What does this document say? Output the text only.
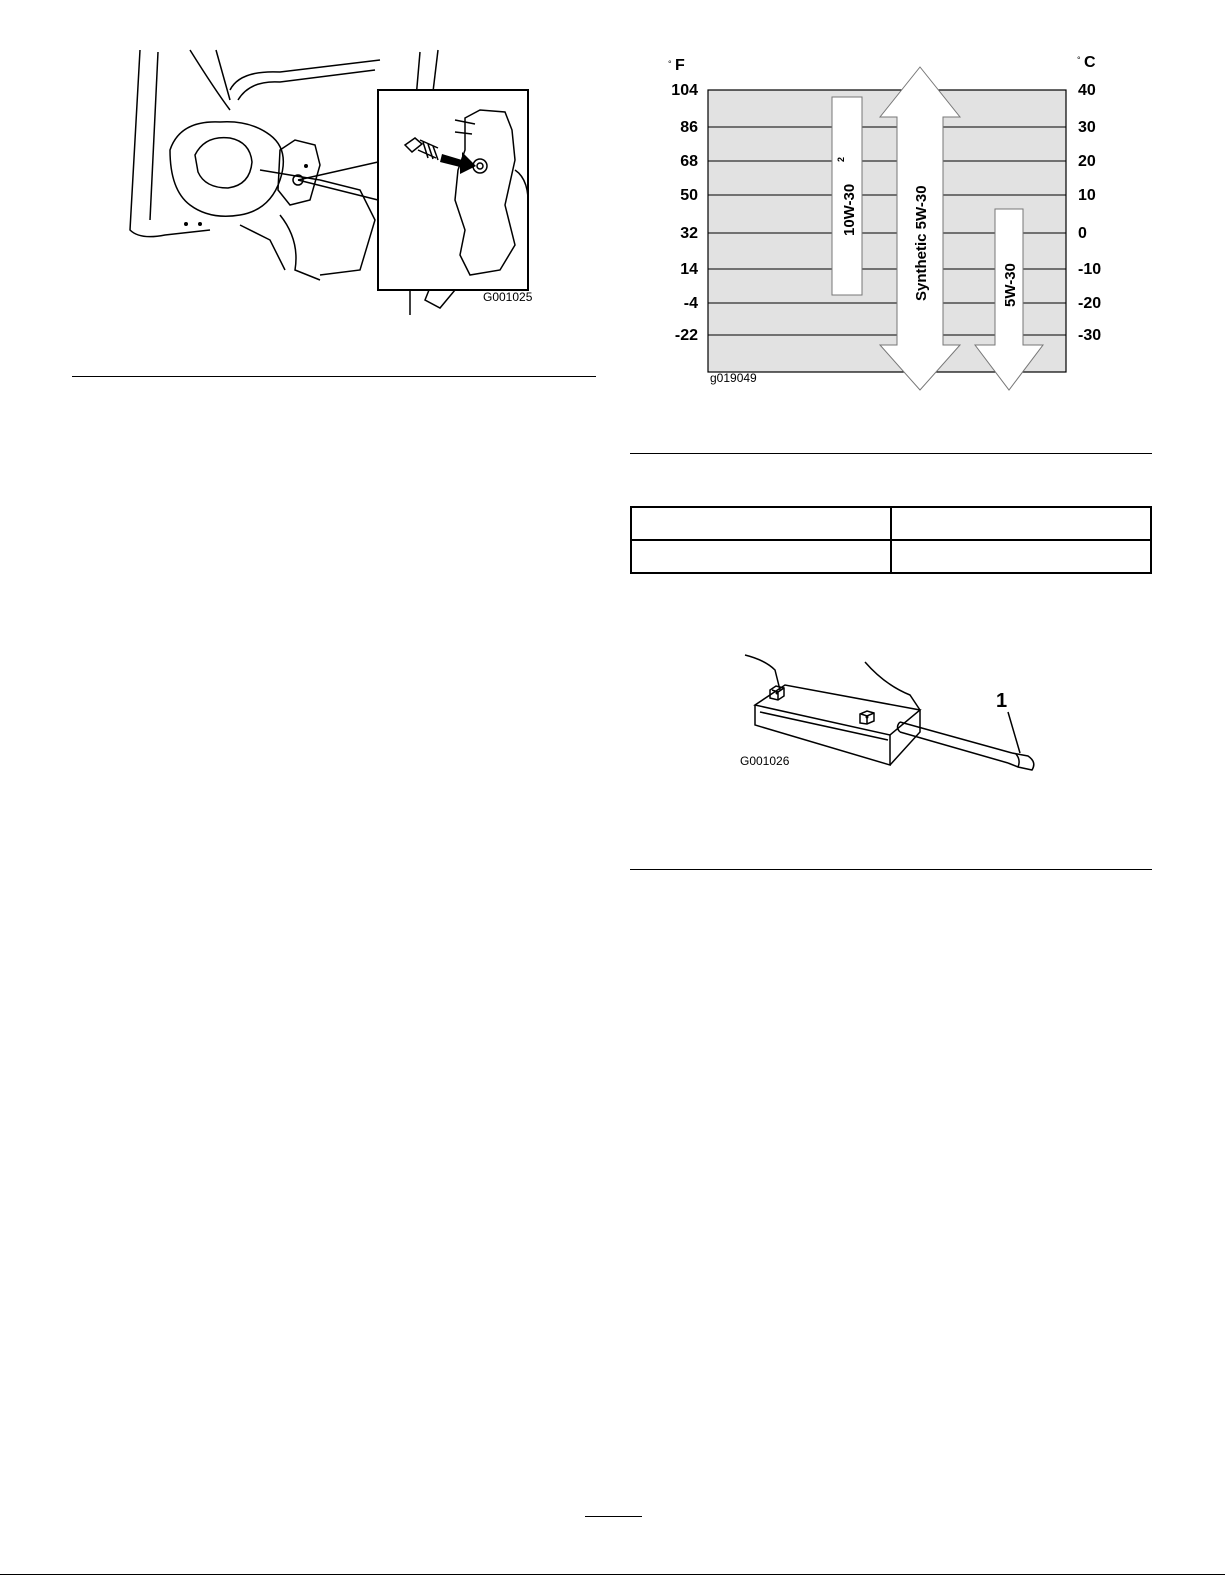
G001025
° F	° C
104
86
68
50
32
14
-4
-22
40
30
20
10
0
-10
-20
-30
10W-30
2
Synthetic 5W-30	5W-30
g019049

1
G001026
